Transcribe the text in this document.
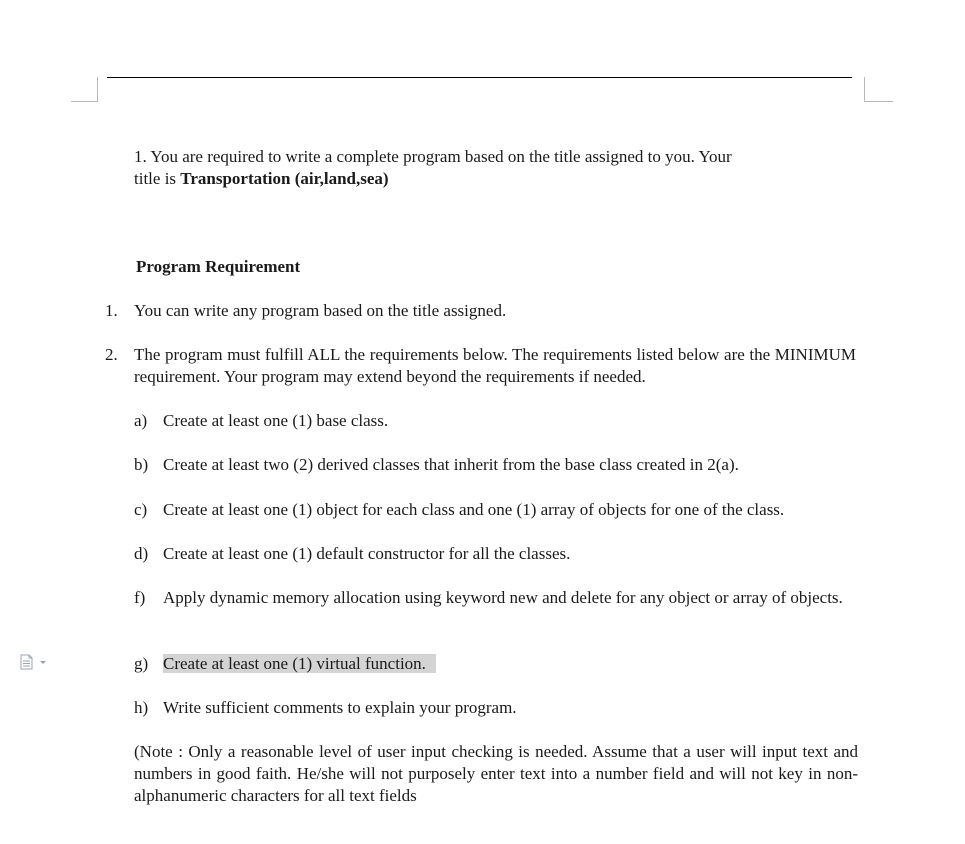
1. You are required to write a complete program based on the title assigned to you. Your
title is Transportation (air,land,sea)

Program Requirement

1. You can write any program based on the title assigned.
2. The program must fulfill ALL the requirements below. The requirements listed below are the MINIMUM requirement. Your program may extend beyond the requirements if needed.
a) Create at least one (1) base class.
b) Create at least two (2) derived classes that inherit from the base class created in 2(a).
c) Create at least one (1) object for each class and one (1) array of objects for one of the class.
d) Create at least one (1) default constructor for all the classes.
f) Apply dynamic memory allocation using keyword new and delete for any object or array of objects.
g) Create at least one (1) virtual function.
h) Write sufficient comments to explain your program.

(Note : Only a reasonable level of user input checking is needed. Assume that a user will input text and numbers in good faith. He/she will not purposely enter text into a number field and will not key in non-alphanumeric characters for all text fields
